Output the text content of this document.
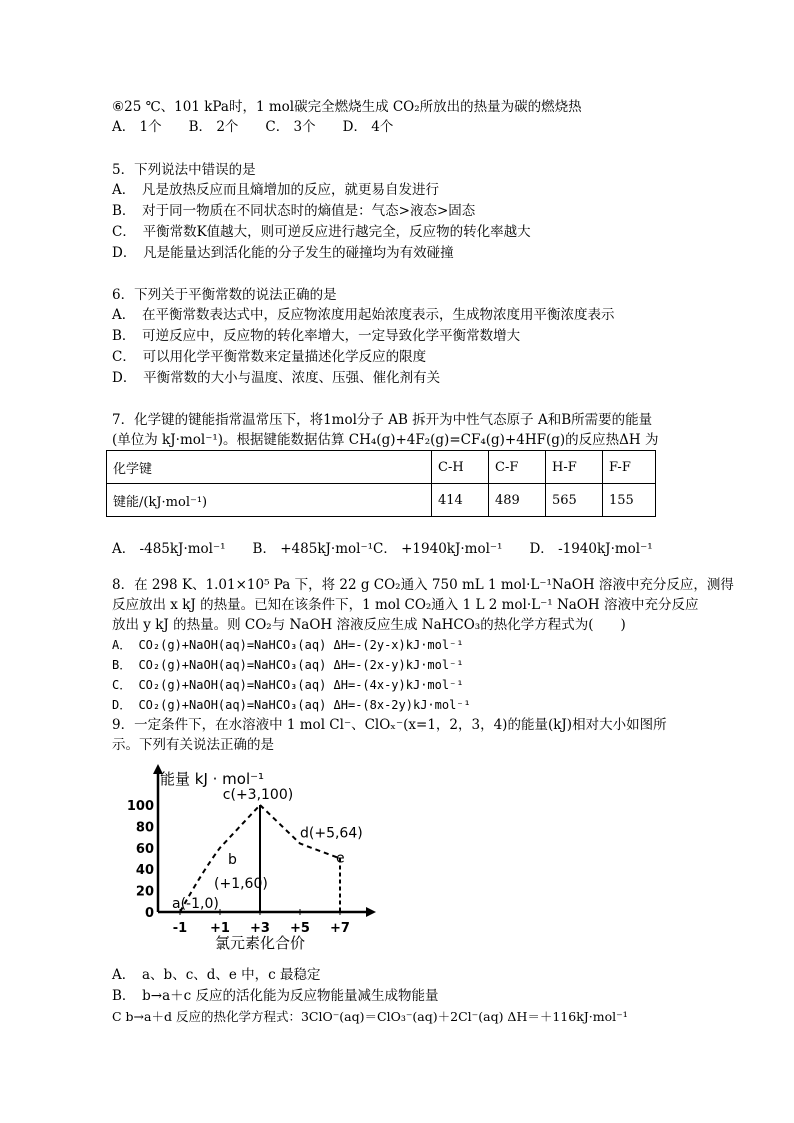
⑥25 ℃、101 kPa时，1 mol碳完全燃烧生成 CO₂所放出的热量为碳的燃烧热
A． 1个　　B． 2个　　C． 3个　　D． 4个
5．下列说法中错误的是
A．　凡是放热反应而且熵增加的反应，就更易自发进行
B．　对于同一物质在不同状态时的熵值是：气态>液态>固态
C．　平衡常数K值越大，则可逆反应进行越完全，反应物的转化率越大
D．　凡是能量达到活化能的分子发生的碰撞均为有效碰撞
6．下列关于平衡常数的说法正确的是
A．　在平衡常数表达式中，反应物浓度用起始浓度表示，生成物浓度用平衡浓度表示
B．　可逆反应中，反应物的转化率增大，一定导致化学平衡常数增大
C．　可以用化学平衡常数来定量描述化学反应的限度
D．　平衡常数的大小与温度、浓度、压强、催化剂有关
7．化学键的键能指常温常压下，将1mol分子 AB 拆开为中性气态原子 A和B所需要的能量
(单位为 kJ·mol⁻¹)。根据键能数据估算 CH₄(g)+4F₂(g)=CF₄(g)+4HF(g)的反应热ΔH 为
化学键	C-H	C-F	H-F	F-F
键能/(kJ·mol⁻¹)	414	489	565	155
A． -485kJ·mol⁻¹　　B． +485kJ·mol⁻¹C． +1940kJ·mol⁻¹　　D． -1940kJ·mol⁻¹
8．在 298 K、1.01×10⁵ Pa 下，将 22 g CO₂通入 750 mL 1 mol·L⁻¹NaOH 溶液中充分反应，测得
反应放出 x kJ 的热量。已知在该条件下，1 mol CO₂通入 1 L 2 mol·L⁻¹ NaOH 溶液中充分反应
放出 y kJ 的热量。则 CO₂与 NaOH 溶液反应生成 NaHCO₃的热化学方程式为(　　)
A． CO₂(g)+NaOH(aq)=NaHCO₃(aq) ΔH=-(2y-x)kJ·mol⁻¹
B． CO₂(g)+NaOH(aq)=NaHCO₃(aq) ΔH=-(2x-y)kJ·mol⁻¹
C． CO₂(g)+NaOH(aq)=NaHCO₃(aq) ΔH=-(4x-y)kJ·mol⁻¹
D． CO₂(g)+NaOH(aq)=NaHCO₃(aq) ΔH=-(8x-2y)kJ·mol⁻¹
9．一定条件下，在水溶液中 1 mol Cl⁻、ClOₓ⁻(x=1，2，3，4)的能量(kJ)相对大小如图所
示。下列有关说法正确的是
能量 kJ · mol⁻¹
氯元素化合价
0
20
40
60
80
100
-1 +1 +3 +5 +7
a(-1,0)
b
(+1,60)
c(+3,100)
d(+5,64)
e
A．　a、b、c、d、e 中，c 最稳定
B．　b→a＋c 反应的活化能为反应物能量减生成物能量
C b→a＋d 反应的热化学方程式：3ClO⁻(aq)＝ClO₃⁻(aq)＋2Cl⁻(aq) ΔH＝＋116kJ·mol⁻¹
